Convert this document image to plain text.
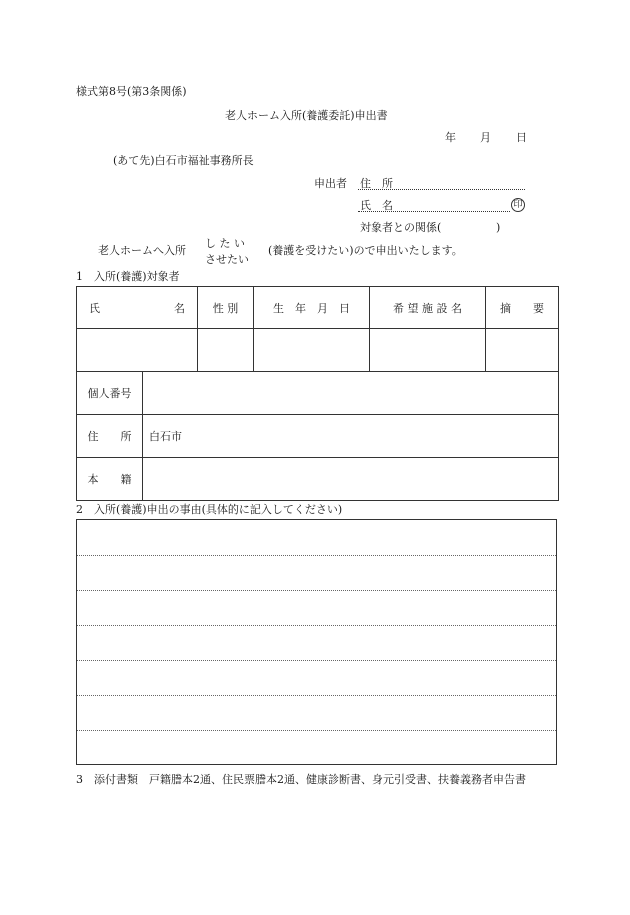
様式第8号(第3条関係)
老人ホーム入所(養護委託)申出書
年 月 日
(あて先)白石市福祉事務所長
申出者 住　所
氏　名	印
対象者との関係(	)
老人ホームへ入所
し た い
させたい
(養護を受けたい)ので申出いたします。
1　入所(養護)対象者
氏 名	性 別	生　年　月　日	希 望 施 設 名	摘　　要

個人番号	
住　　所	白石市
本　　籍	
2　入所(養護)申出の事由(具体的に記入してください)
3　添付書類　戸籍謄本2通、住民票謄本2通、健康診断書、身元引受書、扶養義務者申告書
